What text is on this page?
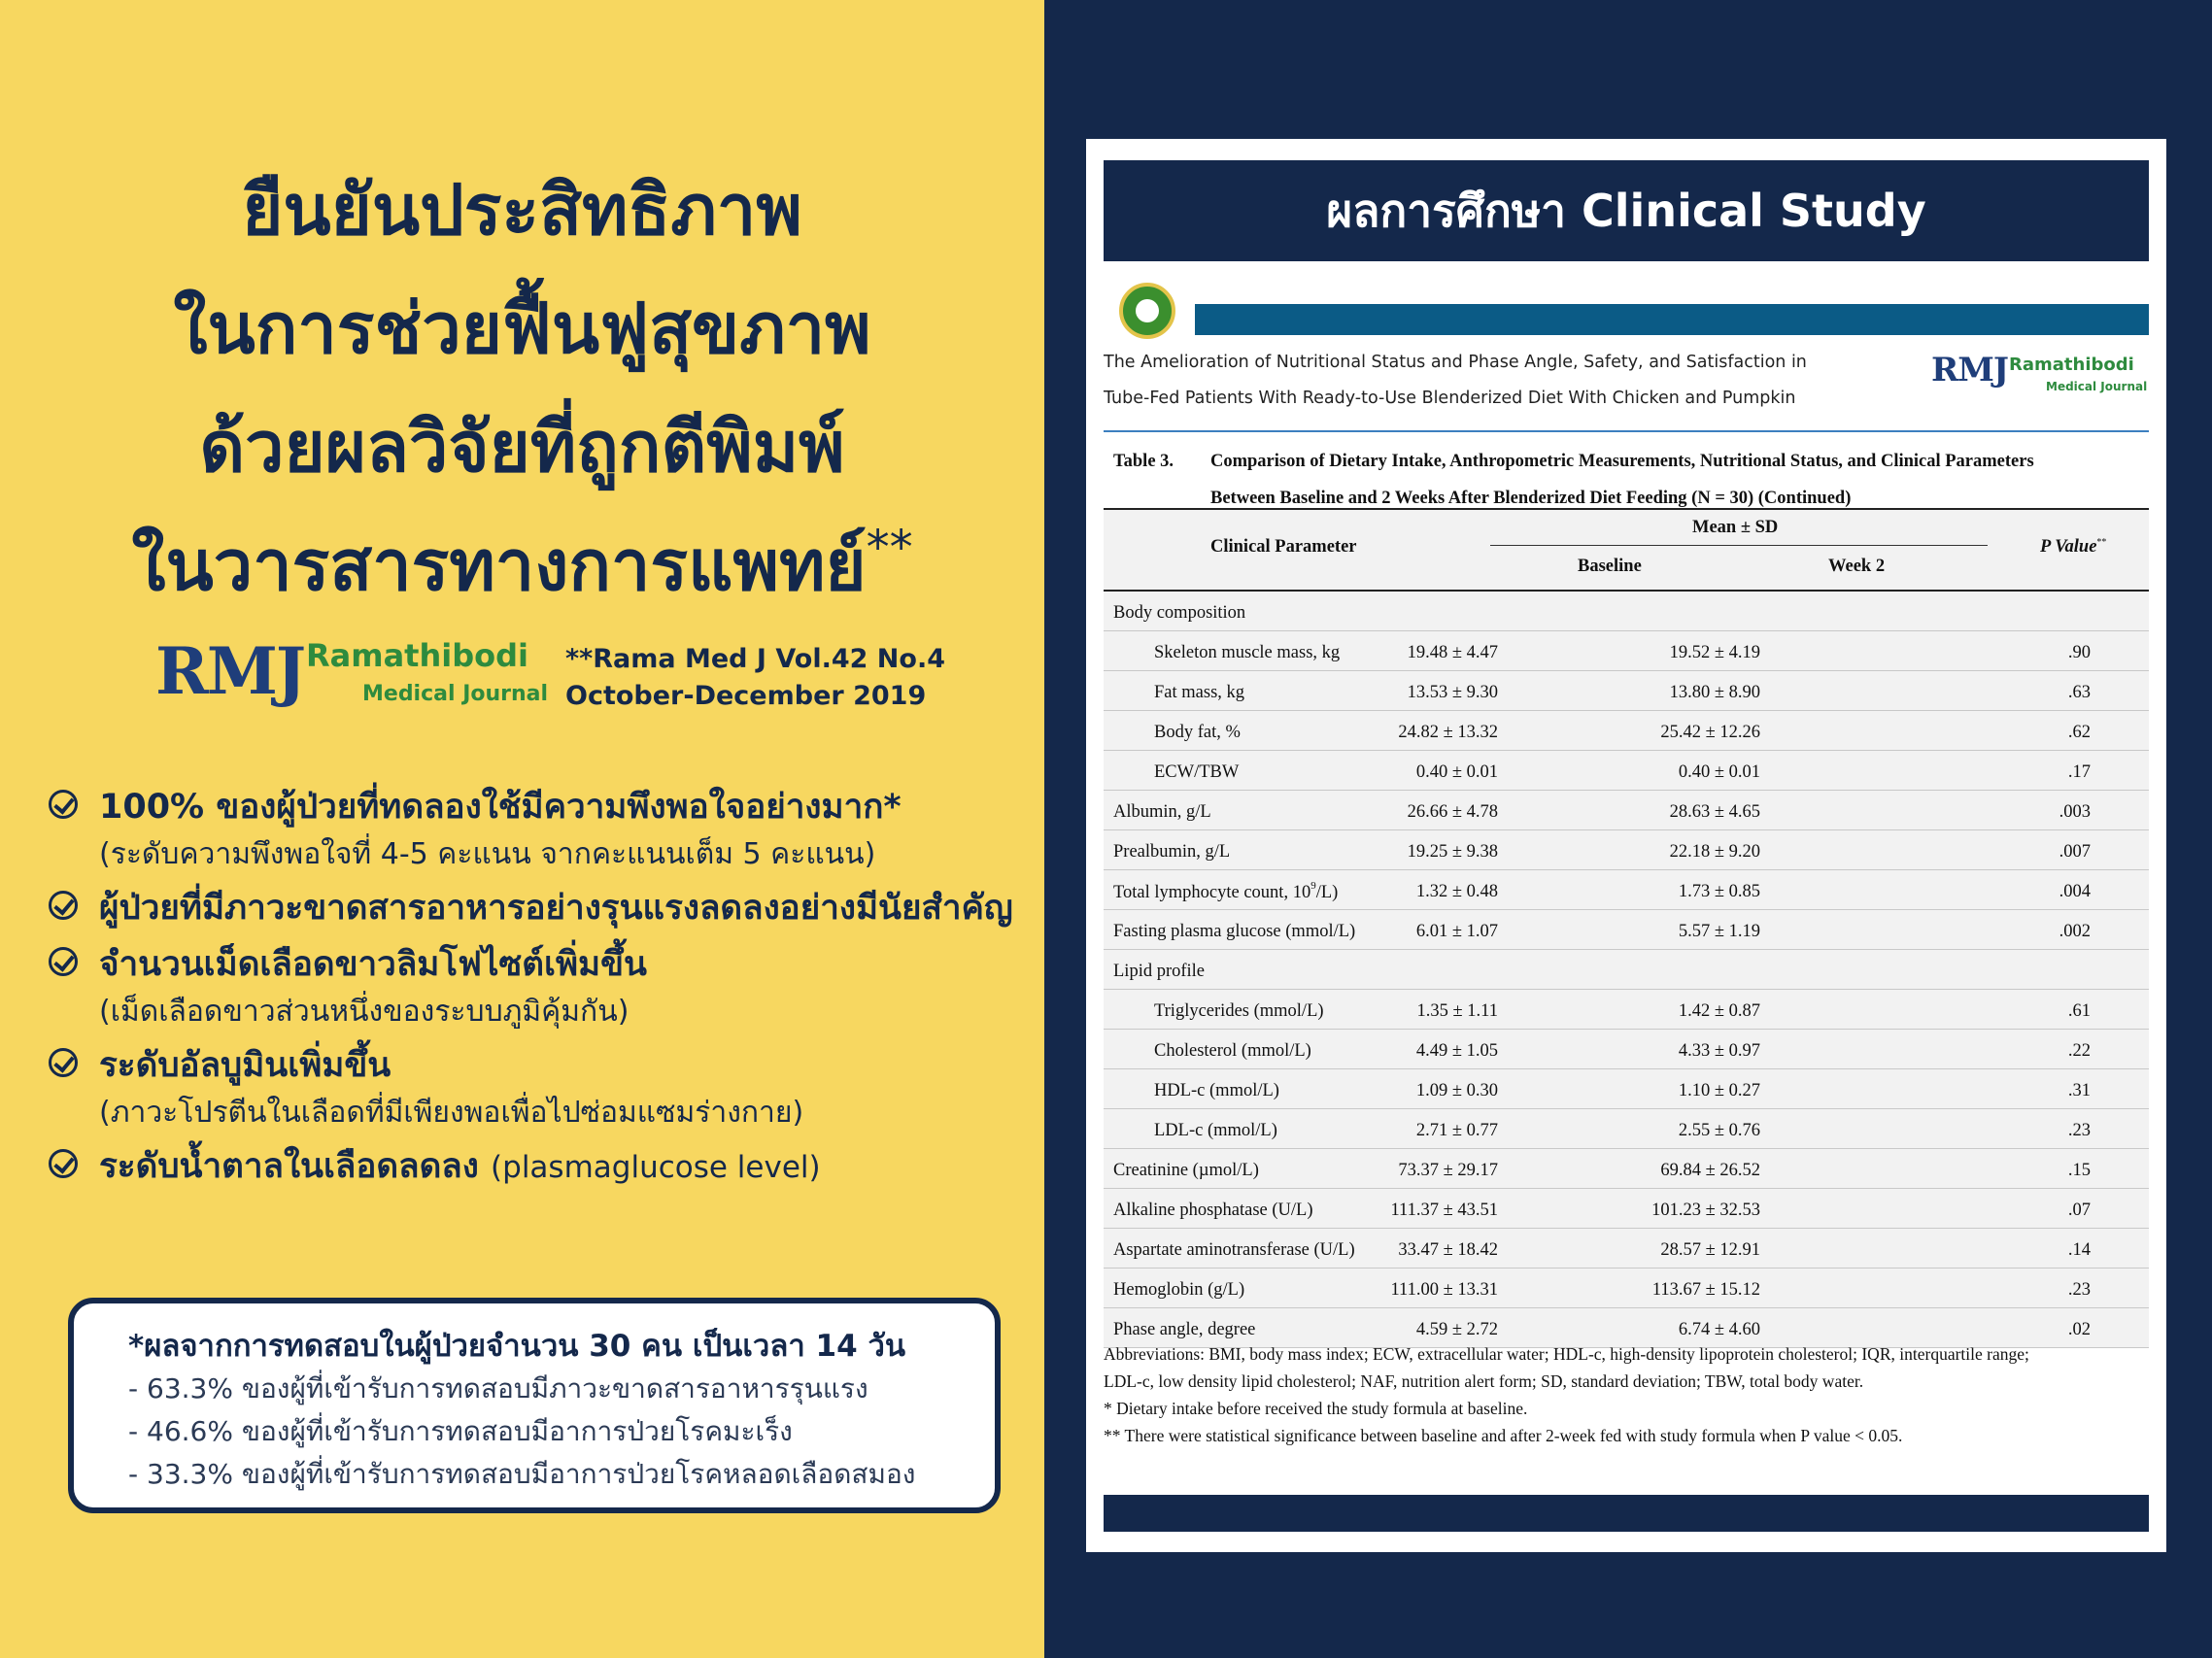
ยืนยันประสิทธิภาพ
ในการช่วยฟื้นฟูสุขภาพ
ด้วยผลวิจัยที่ถูกตีพิมพ์
ในวารสารทางการแพทย์**
RMJ Ramathibodi
Medical Journal
**Rama Med J Vol.42 No.4
October-December 2019
100% ของผู้ป่วยที่ทดลองใช้มีความพึงพอใจอย่างมาก*
(ระดับความพึงพอใจที่ 4-5 คะแนน จากคะแนนเต็ม 5 คะแนน)
ผู้ป่วยที่มีภาวะขาดสารอาหารอย่างรุนแรงลดลงอย่างมีนัยสำคัญ
จำนวนเม็ดเลือดขาวลิมโฟไซต์เพิ่มขึ้น
(เม็ดเลือดขาวส่วนหนึ่งของระบบภูมิคุ้มกัน)
ระดับอัลบูมินเพิ่มขึ้น
(ภาวะโปรตีนในเลือดที่มีเพียงพอเพื่อไปซ่อมแซมร่างกาย)
ระดับน้ำตาลในเลือดลดลง (plasmaglucose level)
*ผลจากการทดสอบในผู้ป่วยจำนวน 30 คน เป็นเวลา 14 วัน
- 63.3% ของผู้ที่เข้ารับการทดสอบมีภาวะขาดสารอาหารรุนแรง
- 46.6% ของผู้ที่เข้ารับการทดสอบมีอาการป่วยโรคมะเร็ง
- 33.3% ของผู้ที่เข้ารับการทดสอบมีอาการป่วยโรคหลอดเลือดสมอง
ผลการศึกษา Clinical Study
The Amelioration of Nutritional Status and Phase Angle, Safety, and Satisfaction in
Tube-Fed Patients With Ready-to-Use Blenderized Diet With Chicken and Pumpkin
RMJ Ramathibodi
Medical Journal
Table 3. Comparison of Dietary Intake, Anthropometric Measurements, Nutritional Status, and Clinical Parameters
Between Baseline and 2 Weeks After Blenderized Diet Feeding (N = 30) (Continued)
Clinical Parameter
Mean ± SD
Baseline	Week 2
P Value**
Body composition
Skeleton muscle mass, kg	19.48 ± 4.47	19.52 ± 4.19	.90
Fat mass, kg	13.53 ± 9.30	13.80 ± 8.90	.63
Body fat, %	24.82 ± 13.32	25.42 ± 12.26	.62
ECW/TBW	0.40 ± 0.01	0.40 ± 0.01	.17
Albumin, g/L	26.66 ± 4.78	28.63 ± 4.65	.003
Prealbumin, g/L	19.25 ± 9.38	22.18 ± 9.20	.007
Total lymphocyte count, $10^9/L$)	1.32 ± 0.48	1.73 ± 0.85	.004
Fasting plasma glucose (mmol/L)	6.01 ± 1.07	5.57 ± 1.19	.002
Lipid profile
Triglycerides (mmol/L)	1.35 ± 1.11	1.42 ± 0.87	.61
Cholesterol (mmol/L)	4.49 ± 1.05	4.33 ± 0.97	.22
HDL-c (mmol/L)	1.09 ± 0.30	1.10 ± 0.27	.31
LDL-c (mmol/L)	2.71 ± 0.77	2.55 ± 0.76	.23
Creatinine (µmol/L)	73.37 ± 29.17	69.84 ± 26.52	.15
Alkaline phosphatase (U/L)	111.37 ± 43.51	101.23 ± 32.53	.07
Aspartate aminotransferase (U/L) 33.47 ± 18.42	28.57 ± 12.91	.14
Hemoglobin (g/L)	111.00 ± 13.31	113.67 ± 15.12	.23
Phase angle, degree	4.59 ± 2.72	6.74 ± 4.60	.02
Abbreviations: BMI, body mass index; ECW, extracellular water; HDL-c, high-density lipoprotein cholesterol; IQR, interquartile range;
LDL-c, low density lipid cholesterol; NAF, nutrition alert form; SD, standard deviation; TBW, total body water.
* Dietary intake before received the study formula at baseline.
** There were statistical significance between baseline and after 2-week fed with study formula when P value < 0.05.
